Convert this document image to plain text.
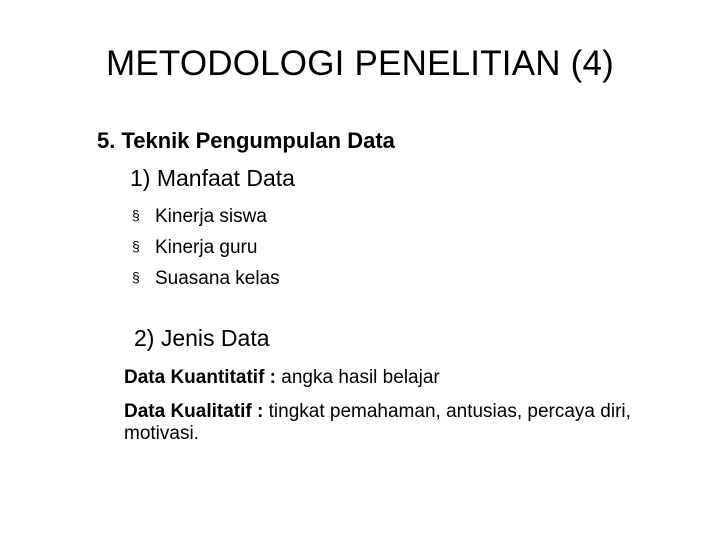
METODOLOGI PENELITIAN (4)
5. Teknik Pengumpulan Data
1) Manfaat Data
§ Kinerja siswa
§ Kinerja guru
§ Suasana kelas
2) Jenis Data
Data Kuantitatif : angka hasil belajar
Data Kualitatif : tingkat pemahaman, antusias, percaya diri, motivasi.
